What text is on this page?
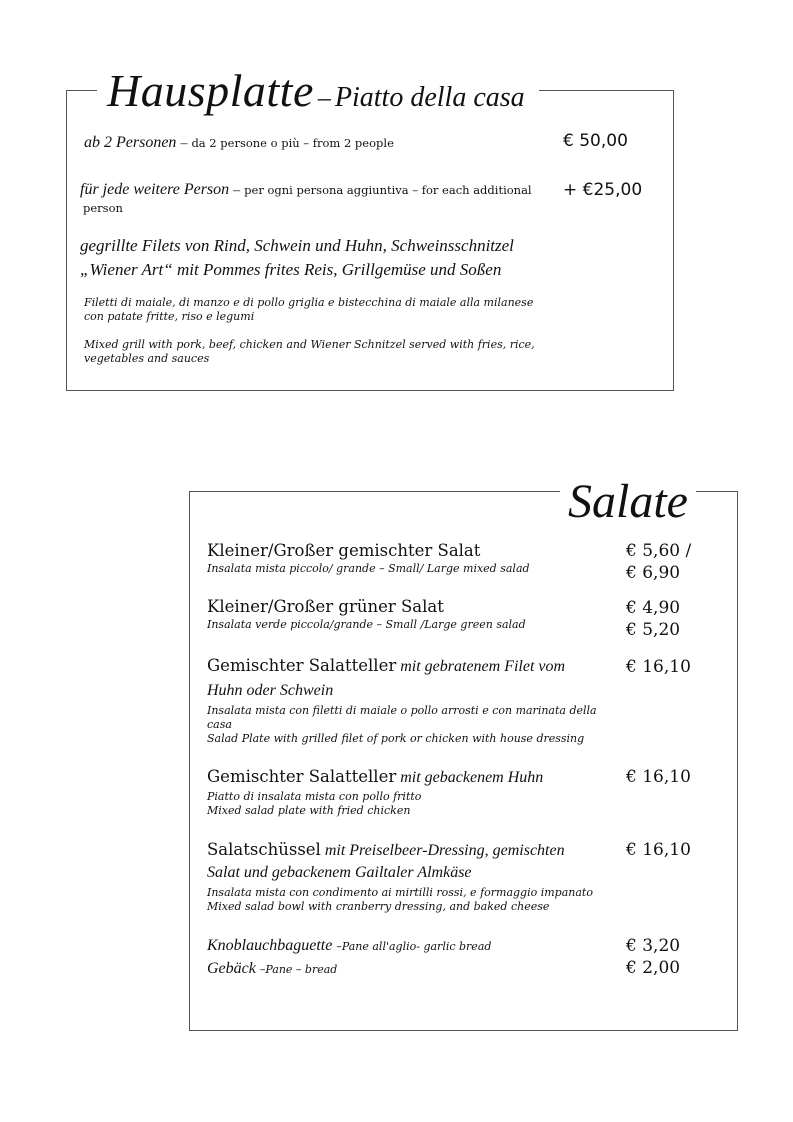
Hausplatte – Piatto della casa
ab 2 Personen – da 2 persone o più – from 2 people	€ 50,00
für jede weitere Person – per ogni persona aggiuntiva – for each additional
person
+ €25,00
gegrillte Filets von Rind, Schwein und Huhn, Schweinsschnitzel
„Wiener Art“ mit Pommes frites Reis, Grillgemüse und Soßen
Filetti di maiale, di manzo e di pollo griglia e bistecchina di maiale alla milanese
con patate fritte, riso e legumi
Mixed grill with pork, beef, chicken and Wiener Schnitzel served with fries, rice,
vegetables and sauces
Salate
Kleiner/Großer gemischter Salat
Insalata mista piccolo/ grande – Small/ Large mixed salad
€ 5,60 /
€ 6,90
Kleiner/Großer grüner Salat
Insalata verde piccola/grande – Small /Large green salad
€ 4,90
€ 5,20
Gemischter Salatteller mit gebratenem Filet vom
Huhn oder Schwein
Insalata mista con filetti di maiale o pollo arrosti e con marinata della
casa
Salad Plate with grilled filet of pork or chicken with house dressing
€ 16,10
Gemischter Salatteller mit gebackenem Huhn
Piatto di insalata mista con pollo fritto
Mixed salad plate with fried chicken
€ 16,10
Salatschüssel mit Preiselbeer-Dressing, gemischten
Salat und gebackenem Gailtaler Almkäse
Insalata mista con condimento ai mirtilli rossi, e formaggio impanato
Mixed salad bowl with cranberry dressing, and baked cheese
€ 16,10
Knoblauchbaguette –Pane all'aglio- garlic bread	€ 3,20
Gebäck –Pane – bread	€ 2,00
